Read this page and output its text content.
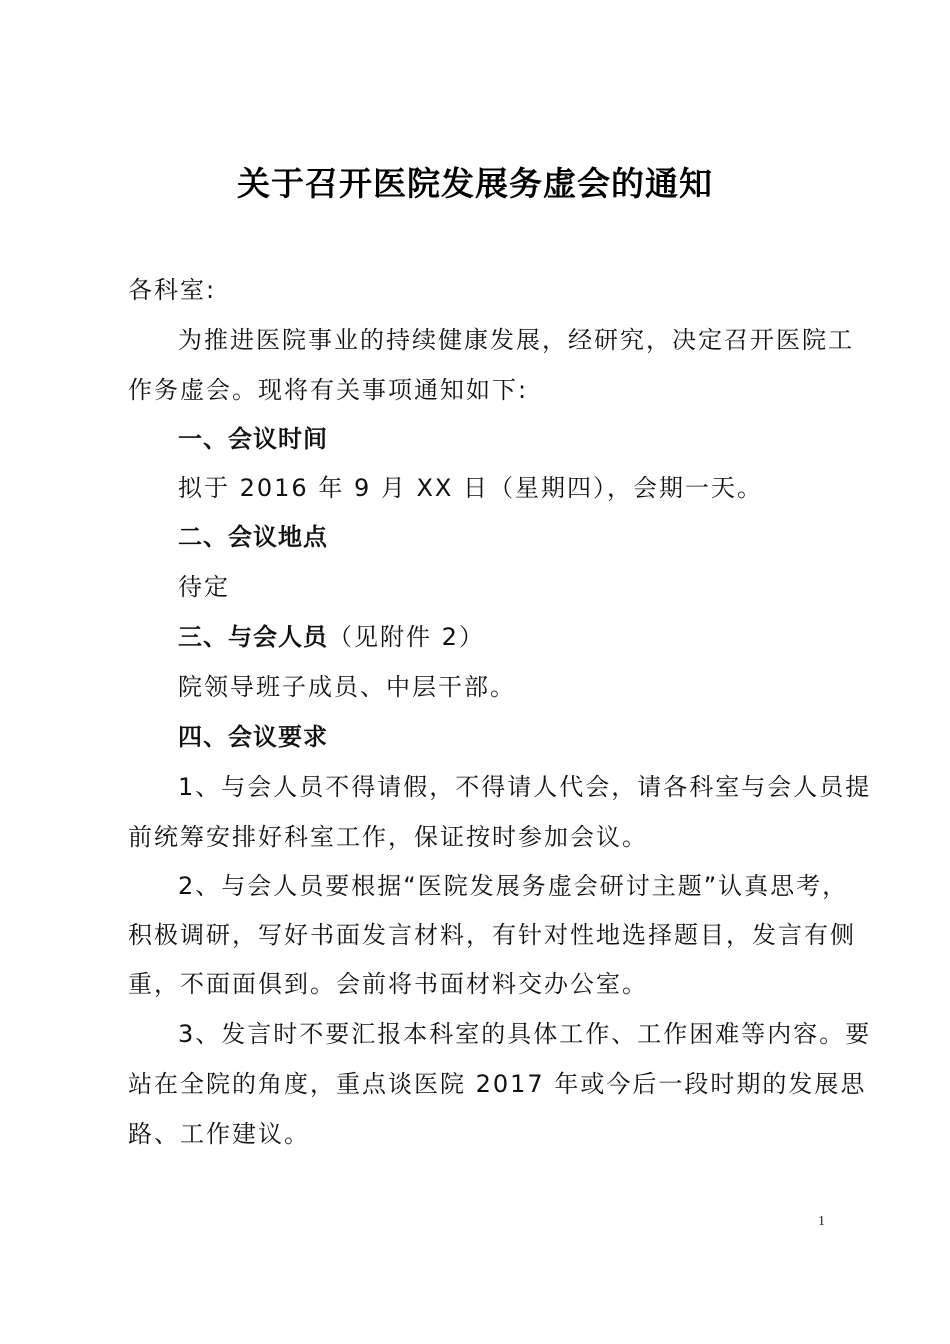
关于召开医院发展务虚会的通知
各科室:
为推进医院事业的持续健康发展，经研究，决定召开医院工
作务虚会。现将有关事项通知如下:
一、会议时间
拟于 2016 年 9 月 XX 日（星期四），会期一天。
二、会议地点
待定
三、与会人员（见附件 2）
院领导班子成员、中层干部。
四、会议要求
1、与会人员不得请假，不得请人代会，请各科室与会人员提
前统筹安排好科室工作，保证按时参加会议。
2、与会人员要根据“医院发展务虚会研讨主题”认真思考，
积极调研，写好书面发言材料，有针对性地选择题目，发言有侧
重，不面面俱到。会前将书面材料交办公室。
3、发言时不要汇报本科室的具体工作、工作困难等内容。要
站在全院的角度，重点谈医院 2017 年或今后一段时期的发展思
路、工作建议。
1
